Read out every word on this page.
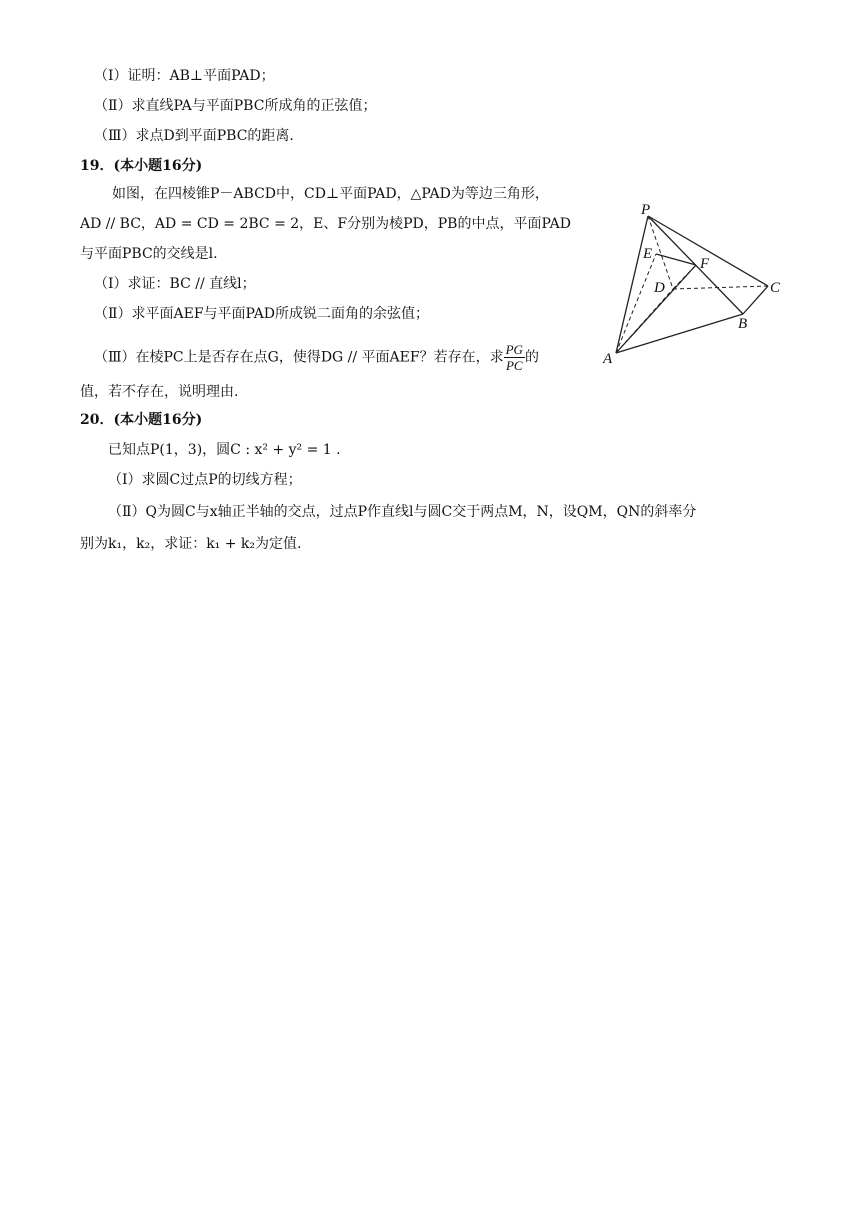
（Ⅰ）证明：AB⊥平面PAD；
（Ⅱ）求直线PA与平面PBC所成角的正弦值；
（Ⅲ）求点D到平面PBC的距离.
19．(本小题16分)
如图，在四棱锥P－ABCD中，CD⊥平面PAD，△PAD为等边三角形，
AD // BC，AD = CD = 2BC = 2，E、F分别为棱PD，PB的中点，平面PAD
与平面PBC的交线是l.
（Ⅰ）求证：BC // 直线l；
（Ⅱ）求平面AEF与平面PAD所成锐二面角的余弦值；
（Ⅲ）在棱PC上是否存在点G，使得DG // 平面AEF？若存在，求 $\frac{PG}{PC}$ 的
值，若不存在，说明理由.
P
E
F
D	C
B
A
20．(本小题16分)
已知点P(1，3)，圆C : x² + y² = 1 .
（Ⅰ）求圆C过点P的切线方程；
（Ⅱ）Q为圆C与x轴正半轴的交点，过点P作直线l与圆C交于两点M，N，设QM，QN的斜率分
别为k₁，k₂，求证：k₁ + k₂为定值.
